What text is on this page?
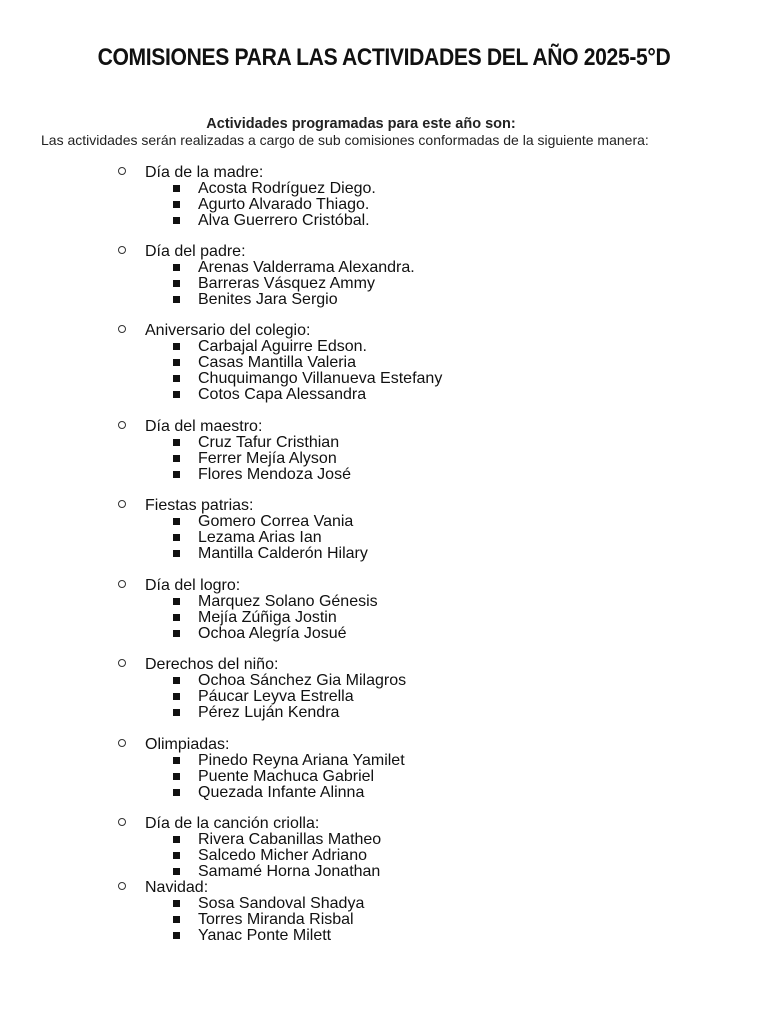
COMISIONES PARA LAS ACTIVIDADES DEL AÑO 2025-5°D
Actividades programadas para este año son:
Las actividades serán realizadas a cargo de sub comisiones conformadas de la siguiente manera:
Día de la madre:
Acosta Rodríguez Diego.
Agurto Alvarado Thiago.
Alva Guerrero Cristóbal.
Día del padre:
Arenas Valderrama Alexandra.
Barreras Vásquez Ammy
Benites Jara Sergio
Aniversario del colegio:
Carbajal Aguirre Edson.
Casas Mantilla Valeria
Chuquimango Villanueva Estefany
Cotos Capa Alessandra
Día del maestro:
Cruz Tafur Cristhian
Ferrer Mejía Alyson
Flores Mendoza José
Fiestas patrias:
Gomero Correa Vania
Lezama Arias Ian
Mantilla Calderón Hilary
Día del logro:
Marquez Solano Génesis
Mejía Zúñiga Jostin
Ochoa Alegría Josué
Derechos del niño:
Ochoa Sánchez Gia Milagros
Páucar Leyva Estrella
Pérez Luján Kendra
Olimpiadas:
Pinedo Reyna Ariana Yamilet
Puente Machuca Gabriel
Quezada Infante Alinna
Día de la canción criolla:
Rivera Cabanillas Matheo
Salcedo Micher Adriano
Samamé Horna Jonathan
Navidad:
Sosa Sandoval Shadya
Torres Miranda Risbal
Yanac Ponte Milett
